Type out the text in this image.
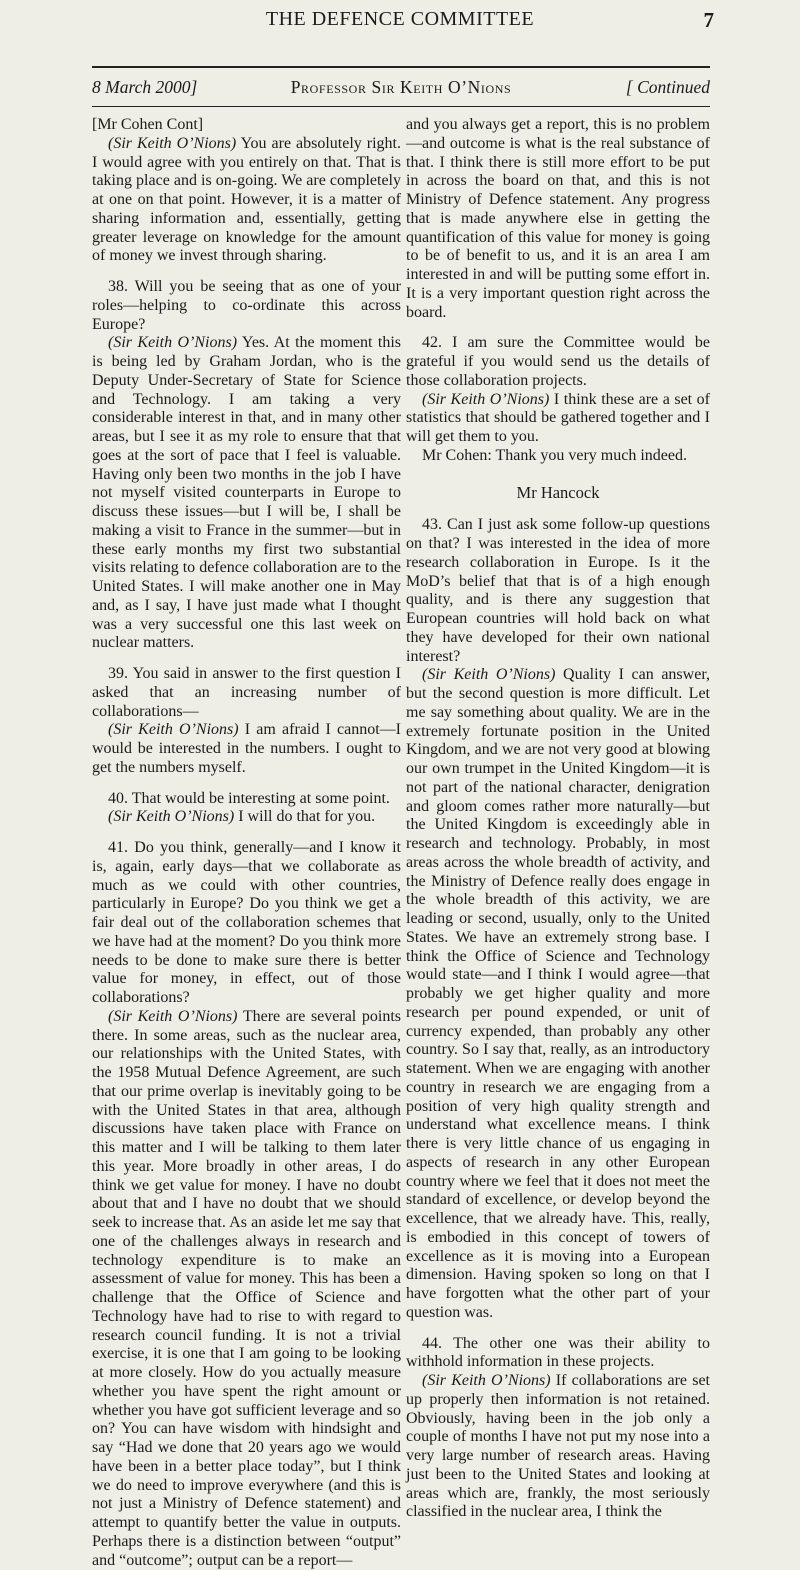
THE DEFENCE COMMITTEE	7
8 March 2000]	Professor Sir Keith O’Nions	[ Continued

[Mr Cohen Cont]

(Sir Keith O’Nions) You are absolutely right. I would agree with you entirely on that. That is taking place and is on-going. We are completely at one on that point. However, it is a matter of sharing information and, essentially, getting greater leverage on knowledge for the amount of money we invest through sharing.

38. Will you be seeing that as one of your roles—helping to co-ordinate this across Europe?

(Sir Keith O’Nions) Yes. At the moment this is being led by Graham Jordan, who is the Deputy Under-Secretary of State for Science and Technology. I am taking a very considerable interest in that, and in many other areas, but I see it as my role to ensure that that goes at the sort of pace that I feel is valuable. Having only been two months in the job I have not myself visited counterparts in Europe to discuss these issues—but I will be, I shall be making a visit to France in the summer—but in these early months my first two substantial visits relating to defence collaboration are to the United States. I will make another one in May and, as I say, I have just made what I thought was a very successful one this last week on nuclear matters.

39. You said in answer to the first question I asked that an increasing number of collaborations—

(Sir Keith O’Nions) I am afraid I cannot—I would be interested in the numbers. I ought to get the numbers myself.

40. That would be interesting at some point.

(Sir Keith O’Nions) I will do that for you.

41. Do you think, generally—and I know it is, again, early days—that we collaborate as much as we could with other countries, particularly in Europe? Do you think we get a fair deal out of the collaboration schemes that we have had at the moment? Do you think more needs to be done to make sure there is better value for money, in effect, out of those collaborations?

(Sir Keith O’Nions) There are several points there. In some areas, such as the nuclear area, our relationships with the United States, with the 1958 Mutual Defence Agreement, are such that our prime overlap is inevitably going to be with the United States in that area, although discussions have taken place with France on this matter and I will be talking to them later this year. More broadly in other areas, I do think we get value for money. I have no doubt about that and I have no doubt that we should seek to increase that. As an aside let me say that one of the challenges always in research and technology expenditure is to make an assessment of value for money. This has been a challenge that the Office of Science and Technology have had to rise to with regard to research council funding. It is not a trivial exercise, it is one that I am going to be looking at more closely. How do you actually measure whether you have spent the right amount or whether you have got sufficient leverage and so on? You can have wisdom with hindsight and say “Had we done that 20 years ago we would have been in a better place today”, but I think we do need to improve everywhere (and this is not just a Ministry of Defence statement) and attempt to quantify better the value in outputs. Perhaps there is a distinction between “output” and “outcome”; output can be a report—

and you always get a report, this is no problem—and outcome is what is the real substance of that. I think there is still more effort to be put in across the board on that, and this is not Ministry of Defence statement. Any progress that is made anywhere else in getting the quantification of this value for money is going to be of benefit to us, and it is an area I am interested in and will be putting some effort in. It is a very important question right across the board.

42. I am sure the Committee would be grateful if you would send us the details of those collaboration projects.

(Sir Keith O’Nions) I think these are a set of statistics that should be gathered together and I will get them to you.

Mr Cohen: Thank you very much indeed.

Mr Hancock

43. Can I just ask some follow-up questions on that? I was interested in the idea of more research collaboration in Europe. Is it the MoD’s belief that that is of a high enough quality, and is there any suggestion that European countries will hold back on what they have developed for their own national interest?

(Sir Keith O’Nions) Quality I can answer, but the second question is more difficult. Let me say something about quality. We are in the extremely fortunate position in the United Kingdom, and we are not very good at blowing our own trumpet in the United Kingdom—it is not part of the national character, denigration and gloom comes rather more naturally—but the United Kingdom is exceedingly able in research and technology. Probably, in most areas across the whole breadth of activity, and the Ministry of Defence really does engage in the whole breadth of this activity, we are leading or second, usually, only to the United States. We have an extremely strong base. I think the Office of Science and Technology would state—and I think I would agree—that probably we get higher quality and more research per pound expended, or unit of currency expended, than probably any other country. So I say that, really, as an introductory statement. When we are engaging with another country in research we are engaging from a position of very high quality strength and understand what excellence means. I think there is very little chance of us engaging in aspects of research in any other European country where we feel that it does not meet the standard of excellence, or develop beyond the excellence, that we already have. This, really, is embodied in this concept of towers of excellence as it is moving into a European dimension. Having spoken so long on that I have forgotten what the other part of your question was.

44. The other one was their ability to withhold information in these projects.

(Sir Keith O’Nions) If collaborations are set up properly then information is not retained. Obviously, having been in the job only a couple of months I have not put my nose into a very large number of research areas. Having just been to the United States and looking at areas which are, frankly, the most seriously classified in the nuclear area, I think the
